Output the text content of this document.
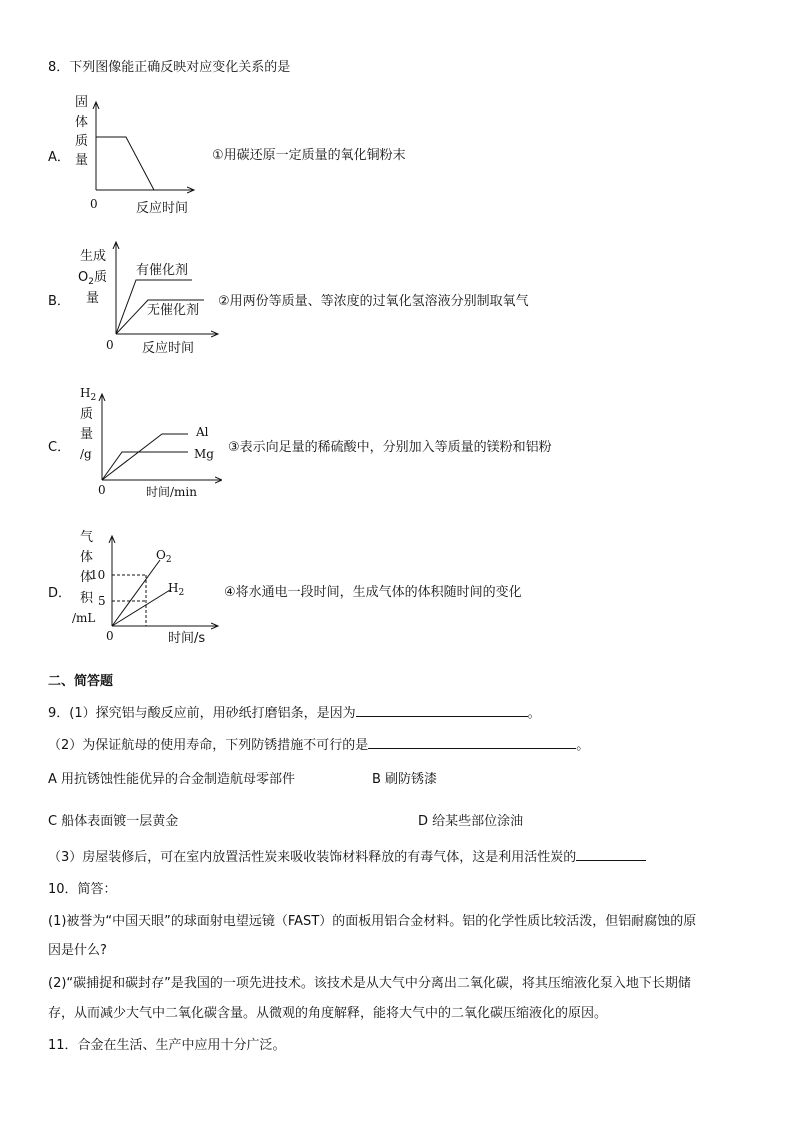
8．下列图像能正确反映对应变化关系的是
A．
固
体
质
量
0	反应时间
①用碳还原一定质量的氧化铜粉末
B．
生成
$O_2$质
量
有催化剂
无催化剂
0 反应时间
②用两份等质量、等浓度的过氧化氢溶液分别制取氧气
C．
$H_2$
质
量
/g
Al
Mg
0	时间/min
③表示向足量的稀硫酸中，分别加入等质量的镁粉和铝粉
D．
气
体
体
积
/mL
10
5
$O_2$
$H_2$
0	时间/s
④将水通电一段时间，生成气体的体积随时间的变化
二、简答题
9．(1）探究铝与酸反应前，用砂纸打磨铝条，是因为	。
（2）为保证航母的使用寿命，下列防锈措施不可行的是	。
A 用抗锈蚀性能优异的合金制造航母零部件	B 刷防锈漆
C 船体表面镀一层黄金	D 给某些部位涂油
（3）房屋装修后，可在室内放置活性炭来吸收装饰材料释放的有毒气体，这是利用活性炭的
10．简答：
(1)被誉为“中国天眼”的球面射电望远镜（FAST）的面板用铝合金材料。铝的化学性质比较活泼，但铝耐腐蚀的原
因是什么?
(2)“碳捕捉和碳封存”是我国的一项先进技术。该技术是从大气中分离出二氧化碳，将其压缩液化泵入地下长期储
存，从而减少大气中二氧化碳含量。从微观的角度解释，能将大气中的二氧化碳压缩液化的原因。
11．合金在生活、生产中应用十分广泛。
